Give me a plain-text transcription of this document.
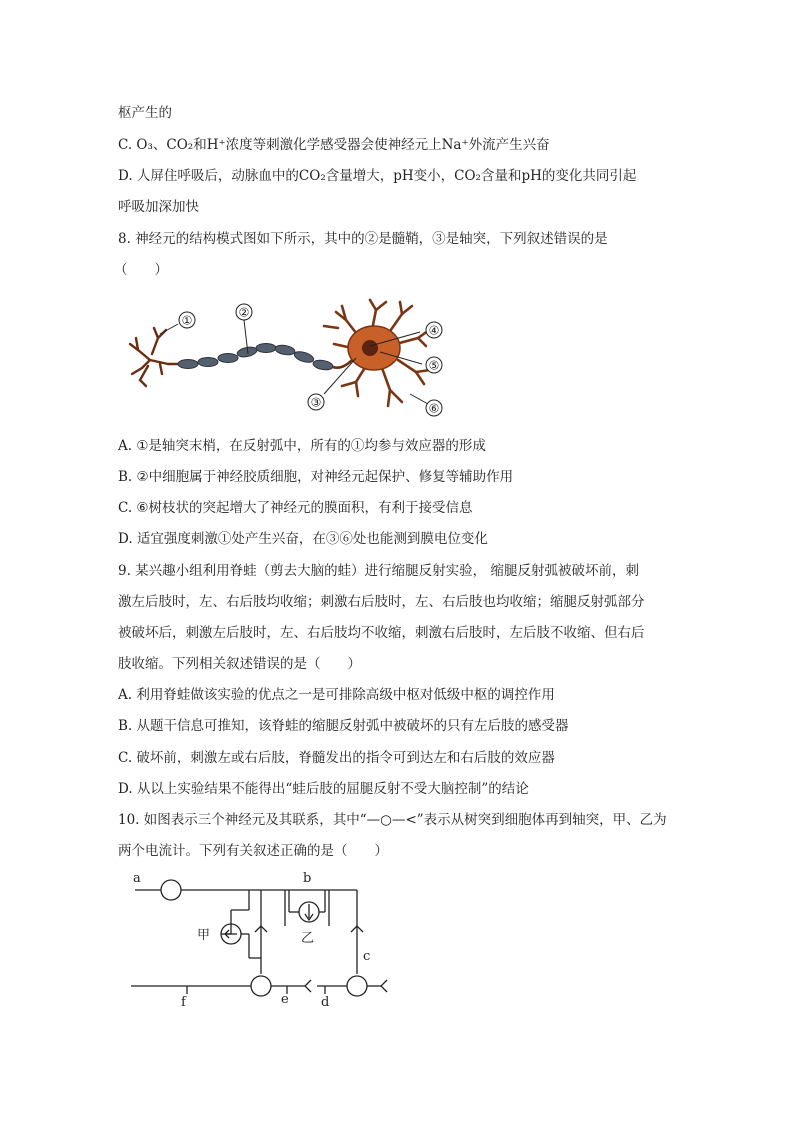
枢产生的
C. O₃、CO₂和H⁺浓度等刺激化学感受器会使神经元上Na⁺外流产生兴奋
D. 人屏住呼吸后，动脉血中的CO₂含量增大，pH变小，CO₂含量和pH的变化共同引起
呼吸加深加快
8. 神经元的结构模式图如下所示，其中的②是髓鞘，③是轴突，下列叙述错误的是
（　　）
①
②
③
④
⑤
⑥
A. ①是轴突末梢，在反射弧中，所有的①均参与效应器的形成
B. ②中细胞属于神经胶质细胞，对神经元起保护、修复等辅助作用
C. ⑥树枝状的突起增大了神经元的膜面积，有利于接受信息
D. 适宜强度刺激①处产生兴奋，在③⑥处也能测到膜电位变化
9. 某兴趣小组利用脊蛙（剪去大脑的蛙）进行缩腿反射实验， 缩腿反射弧被破坏前，刺
激左后肢时，左、右后肢均收缩；刺激右后肢时，左、右后肢也均收缩；缩腿反射弧部分
被破坏后，刺激左后肢时，左、右后肢均不收缩，刺激右后肢时，左后肢不收缩、但右后
肢收缩。下列相关叙述错误的是（　　）
A. 利用脊蛙做该实验的优点之一是可排除高级中枢对低级中枢的调控作用
B. 从题干信息可推知，该脊蛙的缩腿反射弧中被破坏的只有左后肢的感受器
C. 破坏前，刺激左或右后肢，脊髓发出的指令可到达左和右后肢的效应器
D. 从以上实验结果不能得出“蛙后肢的屈腿反射不受大脑控制”的结论
10. 如图表示三个神经元及其联系，其中“—○—<”表示从树突到细胞体再到轴突，甲、乙为
两个电流计。下列有关叙述正确的是（　　）
a	b
c
d
e
f
甲	乙
